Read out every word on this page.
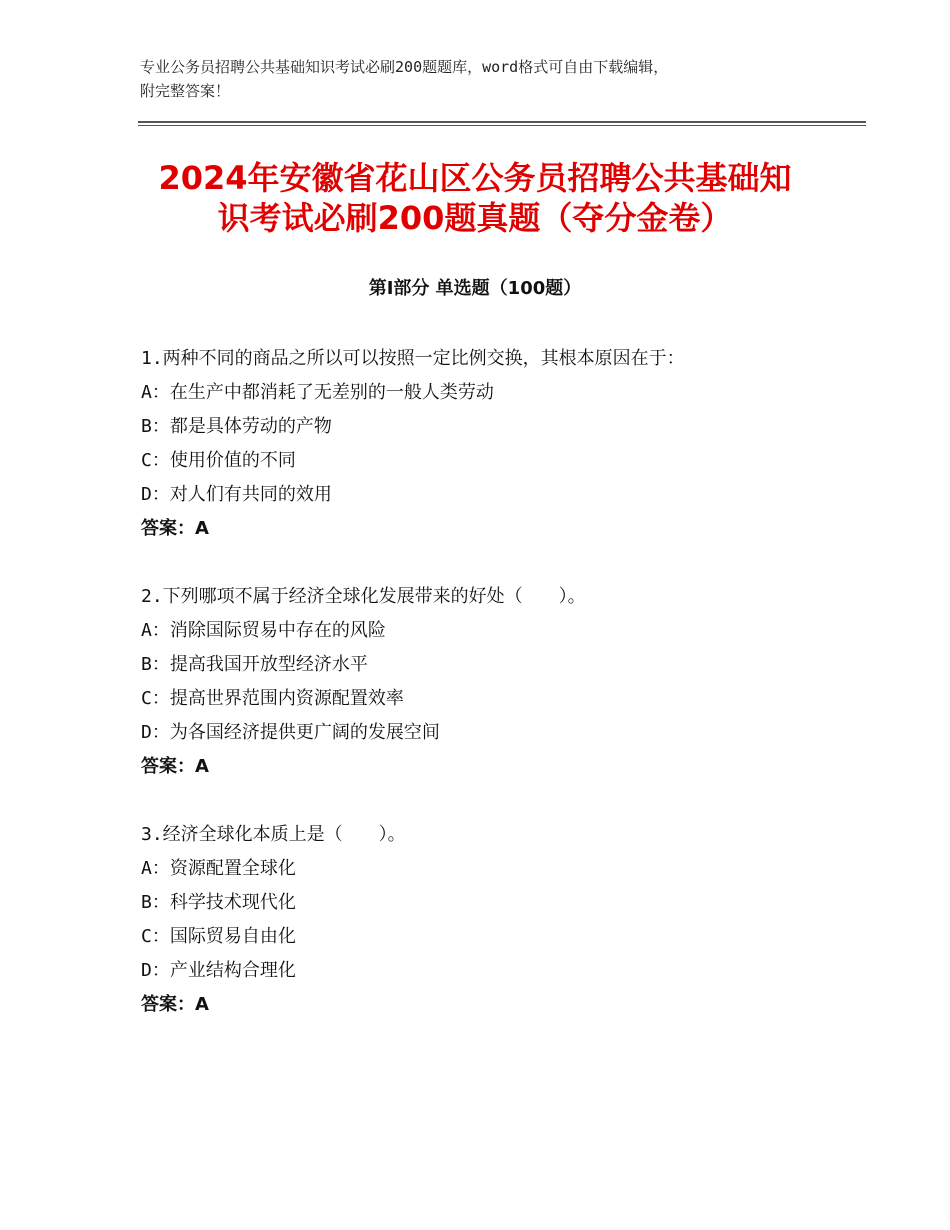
专业公务员招聘公共基础知识考试必刷200题题库，word格式可自由下载编辑，
附完整答案！
2024年安徽省花山区公务员招聘公共基础知
识考试必刷200题真题（夺分金卷）
第Ⅰ部分 单选题（100题）
1.两种不同的商品之所以可以按照一定比例交换，其根本原因在于：
A：在生产中都消耗了无差别的一般人类劳动
B：都是具体劳动的产物
C：使用价值的不同
D：对人们有共同的效用
答案：A
2.下列哪项不属于经济全球化发展带来的好处（　　）。
A：消除国际贸易中存在的风险
B：提高我国开放型经济水平
C：提高世界范围内资源配置效率
D：为各国经济提供更广阔的发展空间
答案：A
3.经济全球化本质上是（　　）。
A：资源配置全球化
B：科学技术现代化
C：国际贸易自由化
D：产业结构合理化
答案：A
